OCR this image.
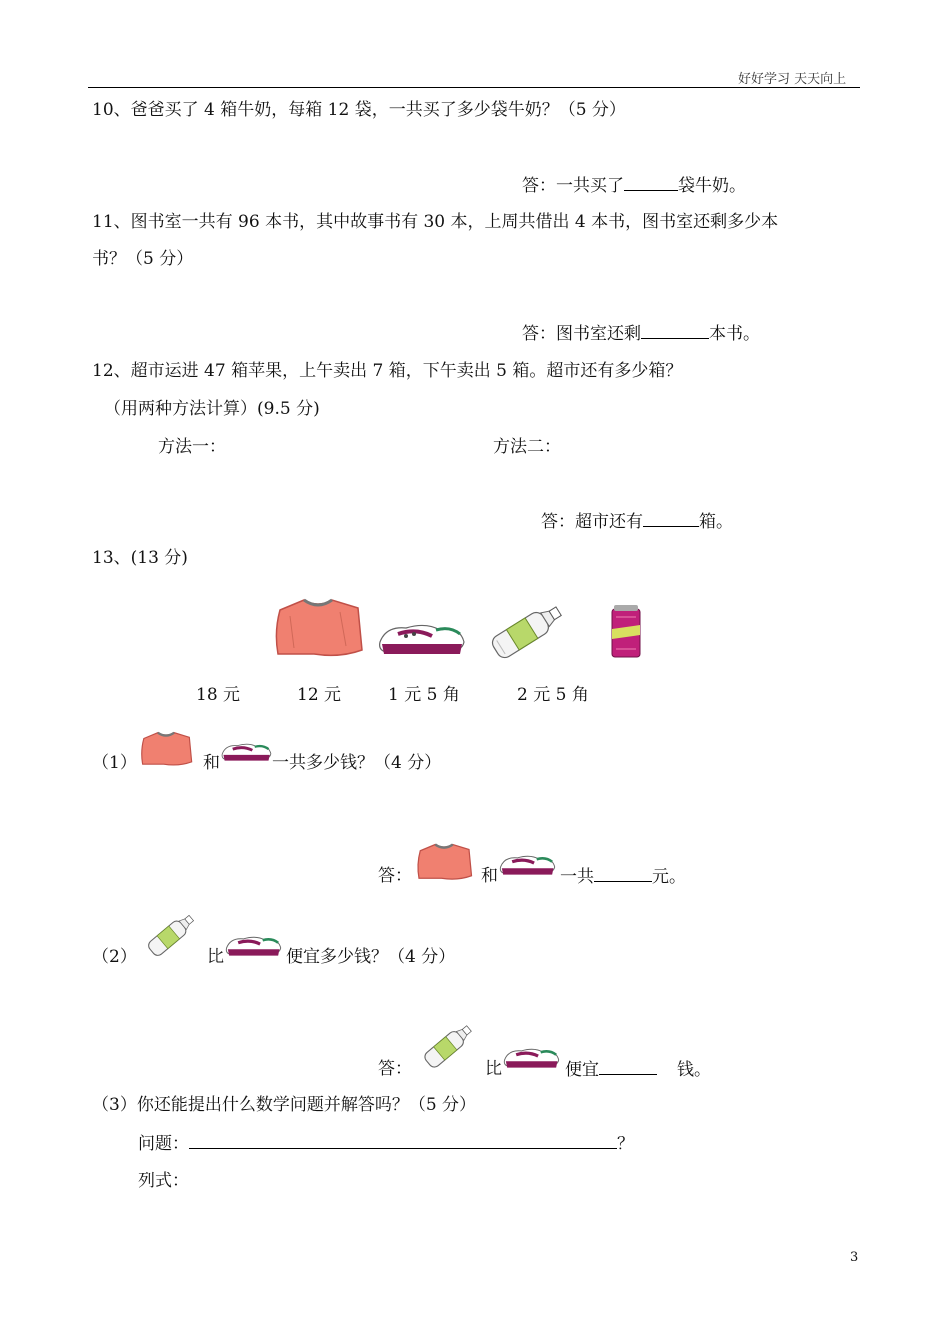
好好学习 天天向上
10、爸爸买了 4 箱牛奶，每箱 12 袋，一共买了多少袋牛奶？（5 分）
答：一共买了	袋牛奶。
11、图书室一共有 96 本书，其中故事书有 30 本，上周共借出 4 本书，图书室还剩多少本
书？（5 分）
答：图书室还剩	本书。
12、超市运进 47 箱苹果，上午卖出 7 箱，下午卖出 5 箱。超市还有多少箱？
（用两种方法计算）(9.5 分)
方法一：	方法二：
答：超市还有	箱。
13、(13 分)
18 元	12 元	1 元 5 角	2 元 5 角
（1）	和	一共多少钱？（4 分）
答：	和	一共	元。
（2）	比	便宜多少钱？（4 分）
答：	比	便宜	钱。
（3）你还能提出什么数学问题并解答吗？（5 分）
问题：	？
列式：
3
